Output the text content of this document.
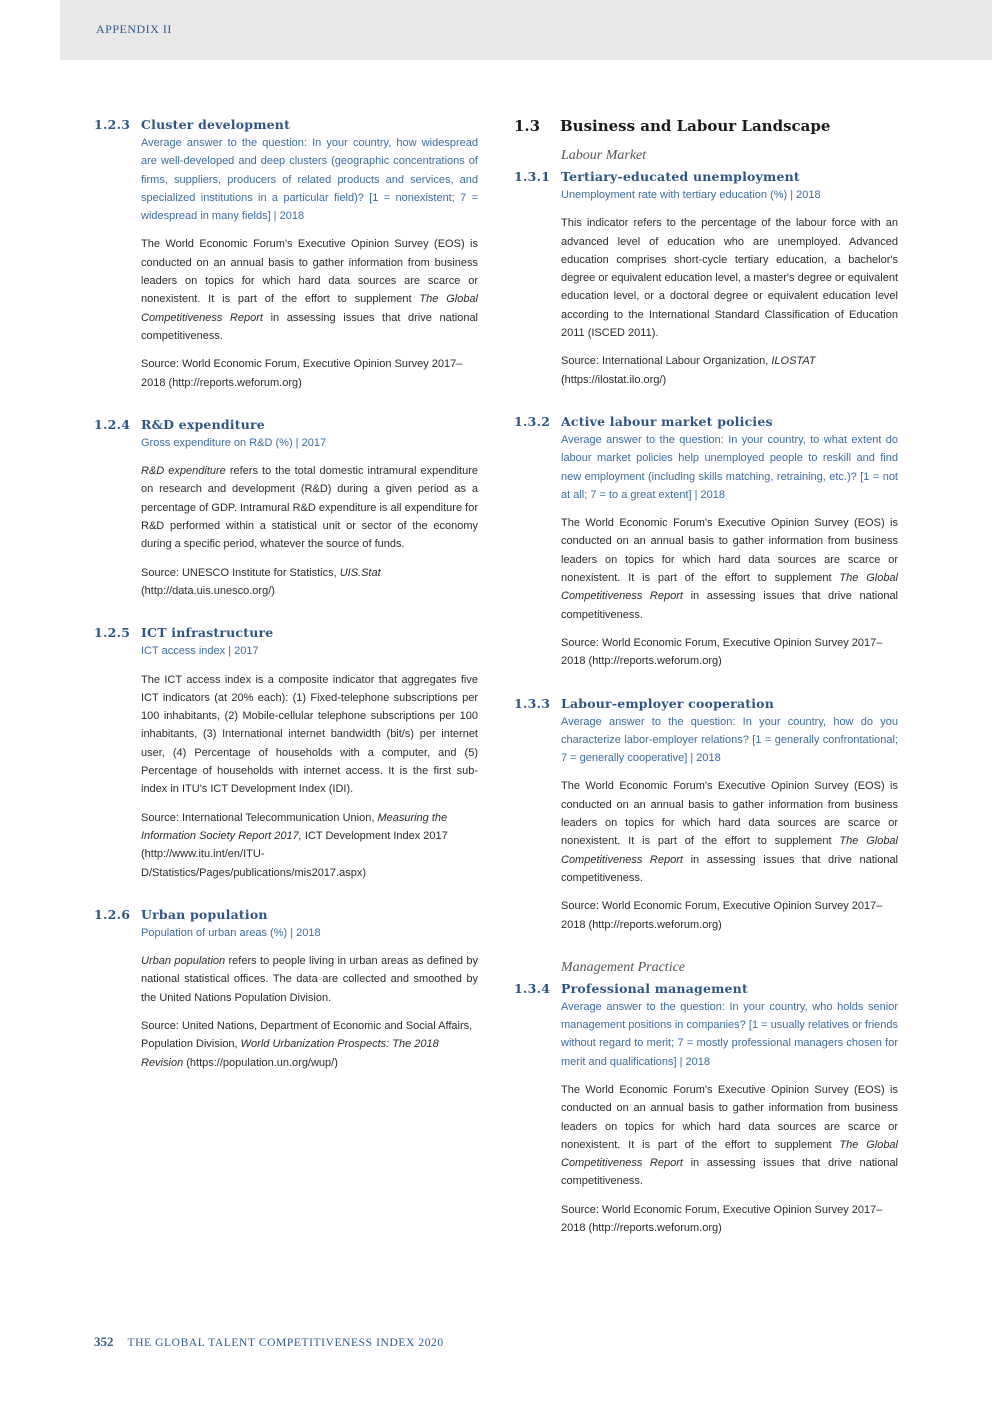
APPENDIX II
1.2.3 Cluster development

Average answer to the question: In your country, how widespread are well-developed and deep clusters (geographic concentrations of firms, suppliers, producers of related products and services, and specialized institutions in a particular field)? [1 = nonexistent; 7 = widespread in many fields] | 2018

The World Economic Forum's Executive Opinion Survey (EOS) is conducted on an annual basis to gather information from business leaders on topics for which hard data sources are scarce or nonexistent. It is part of the effort to supplement The Global Competitiveness Report in assessing issues that drive national competitiveness.

Source: World Economic Forum, Executive Opinion Survey 2017–2018 (http://reports.weforum.org)

1.2.4 R&D expenditure

Gross expenditure on R&D (%) | 2017

R&D expenditure refers to the total domestic intramural expenditure on research and development (R&D) during a given period as a percentage of GDP. Intramural R&D expenditure is all expenditure for R&D performed within a statistical unit or sector of the economy during a specific period, whatever the source of funds.

Source: UNESCO Institute for Statistics, UIS.Stat (http://data.uis.unesco.org/)

1.2.5 ICT infrastructure

ICT access index | 2017

The ICT access index is a composite indicator that aggregates five ICT indicators (at 20% each): (1) Fixed-telephone subscriptions per 100 inhabitants, (2) Mobile-cellular telephone subscriptions per 100 inhabitants, (3) International internet bandwidth (bit/s) per internet user, (4) Percentage of households with a computer, and (5) Percentage of households with internet access. It is the first sub-index in ITU's ICT Development Index (IDI).

Source: International Telecommunication Union, Measuring the Information Society Report 2017, ICT Development Index 2017 (http://www.itu.int/en/ITU-D/Statistics/Pages/publications/mis2017.aspx)

1.2.6 Urban population

Population of urban areas (%) | 2018

Urban population refers to people living in urban areas as defined by national statistical offices. The data are collected and smoothed by the United Nations Population Division.

Source: United Nations, Department of Economic and Social Affairs, Population Division, World Urbanization Prospects: The 2018 Revision (https://population.un.org/wup/)

1.3	Business and Labour Landscape
Labour Market
1.3.1 Tertiary-educated unemployment

Unemployment rate with tertiary education (%) | 2018

This indicator refers to the percentage of the labour force with an advanced level of education who are unemployed. Advanced education comprises short-cycle tertiary education, a bachelor's degree or equivalent education level, a master's degree or equivalent education level, or a doctoral degree or equivalent education level according to the International Standard Classification of Education 2011 (ISCED 2011).

Source: International Labour Organization, ILOSTAT (https://ilostat.ilo.org/)

1.3.2 Active labour market policies

Average answer to the question: In your country, to what extent do labour market policies help unemployed people to reskill and find new employment (including skills matching, retraining, etc.)? [1 = not at all; 7 = to a great extent] | 2018

The World Economic Forum's Executive Opinion Survey (EOS) is conducted on an annual basis to gather information from business leaders on topics for which hard data sources are scarce or nonexistent. It is part of the effort to supplement The Global Competitiveness Report in assessing issues that drive national competitiveness.

Source: World Economic Forum, Executive Opinion Survey 2017–2018 (http://reports.weforum.org)

1.3.3 Labour-employer cooperation

Average answer to the question: In your country, how do you characterize labor-employer relations? [1 = generally confrontational; 7 = generally cooperative] | 2018

The World Economic Forum's Executive Opinion Survey (EOS) is conducted on an annual basis to gather information from business leaders on topics for which hard data sources are scarce or nonexistent. It is part of the effort to supplement The Global Competitiveness Report in assessing issues that drive national competitiveness.

Source: World Economic Forum, Executive Opinion Survey 2017–2018 (http://reports.weforum.org)

Management Practice
1.3.4 Professional management

Average answer to the question: In your country, who holds senior management positions in companies? [1 = usually relatives or friends without regard to merit; 7 = mostly professional managers chosen for merit and qualifications] | 2018

The World Economic Forum's Executive Opinion Survey (EOS) is conducted on an annual basis to gather information from business leaders on topics for which hard data sources are scarce or nonexistent. It is part of the effort to supplement The Global Competitiveness Report in assessing issues that drive national competitiveness.

Source: World Economic Forum, Executive Opinion Survey 2017–2018 (http://reports.weforum.org)

352 THE GLOBAL TALENT COMPETITIVENESS INDEX 2020
